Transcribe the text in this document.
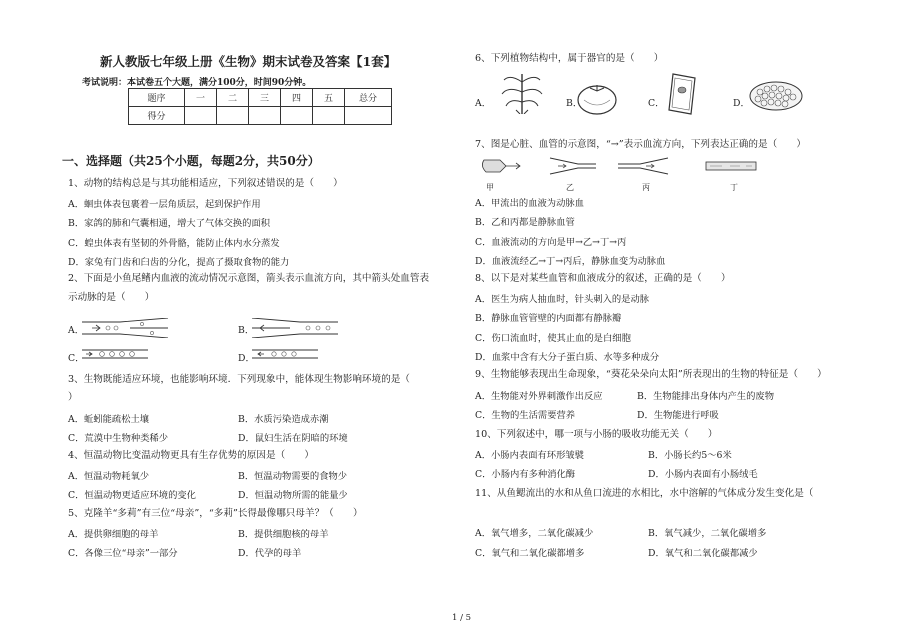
新人教版七年级上册《生物》期末试卷及答案【1套】
考试说明：本试卷五个大题，满分100分，时间90分钟。
题序	一	二	三	四	五	总分
得分						
一、选择题（共25个小题，每题2分，共50分）
1、动物的结构总是与其功能相适应，下列叙述错误的是（　　）
A．蛔虫体表包裹着一层角质层，起到保护作用
B．家鸽的肺和气囊相通，增大了气体交换的面积
C．蝗虫体表有坚韧的外骨骼，能防止体内水分蒸发
D．家兔有门齿和臼齿的分化，提高了摄取食物的能力
2、下面是小鱼尾鳍内血液的流动情况示意图，箭头表示血流方向，其中箭头处血管表
示动脉的是（　　）
A．	B．
C．	D．
3、生物既能适应环境，也能影响环境．下列现象中，能体现生物影响环境的是（
）
A．蚯蚓能疏松土壤	B．水质污染造成赤潮
C．荒漠中生物种类稀少	D．鼠妇生活在阴暗的环境
4、恒温动物比变温动物更具有生存优势的原因是（　　）
A．恒温动物耗氧少	B．恒温动物需要的食物少
C．恒温动物更适应环境的变化	D．恒温动物所需的能量少
5、克隆羊“多莉”有三位“母亲”，“多莉”长得最像哪只母羊？（　　）
A．提供卵细胞的母羊	B．提供细胞核的母羊
C．各像三位“母亲”一部分	D．代孕的母羊
6、下列植物结构中，属于器官的是（　　）
A．	B．	C．	D．
7、图是心脏、血管的示意图，“→”表示血流方向，下列表达正确的是（　　）
甲	乙	丙	丁
A．甲流出的血液为动脉血
B．乙和丙都是静脉血管
C．血液流动的方向是甲→乙→丁→丙
D．血液流经乙→丁→丙后，静脉血变为动脉血
8、以下是对某些血管和血液成分的叙述，正确的是（　　）
A．医生为病人抽血时，针头刺入的是动脉
B．静脉血管管壁的内面都有静脉瓣
C．伤口流血时，使其止血的是白细胞
D．血浆中含有大分子蛋白质、水等多种成分
9、生物能够表现出生命现象，“葵花朵朵向太阳”所表现出的生物的特征是（　　）
A．生物能对外界刺激作出反应	B．生物能排出身体内产生的废物
C．生物的生活需要营养	D．生物能进行呼吸
10、下列叙述中，哪一项与小肠的吸收功能无关（　　）
A．小肠内表面有环形皱襞	B．小肠长约5～6米
C．小肠内有多种消化酶	D．小肠内表面有小肠绒毛
11、从鱼鳃流出的水和从鱼口流进的水相比，水中溶解的气体成分发生变化是（
A．氧气增多，二氧化碳减少	B．氧气减少，二氧化碳增多
C．氧气和二氧化碳都增多	D．氧气和二氧化碳都减少
1 / 5
